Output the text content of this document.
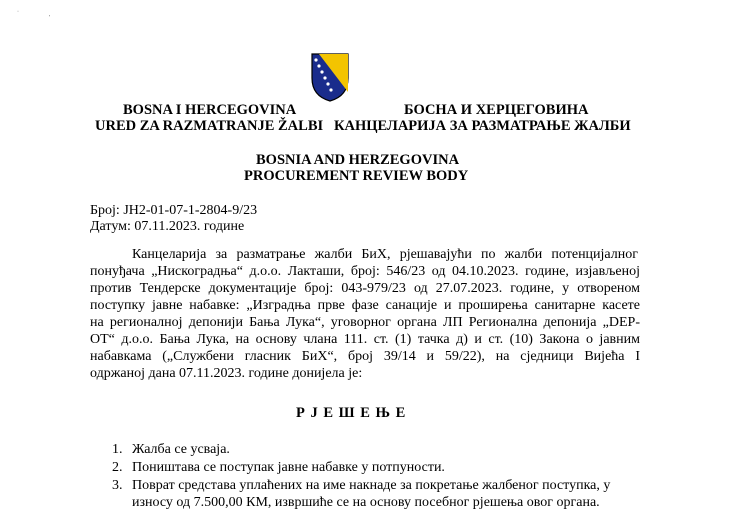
·
'
BOSNA I HERCEGOVINA
URED ZA RAZMATRANJE ŽALBI
БОСНА И ХЕРЦЕГОВИНА
КАНЦЕЛАРИЈА ЗА РАЗМАТРАЊЕ ЖАЛБИ
BOSNIA AND HERZEGOVINA
PROCUREMENT REVIEW BODY
Број: ЈН2-01-07-1-2804-9/23
Датум: 07.11.2023. године
Канцеларија за разматрање жалби БиХ, рјешавајући по жалби потенцијалног
понуђача „Нискоградња“ д.о.о. Лакташи, број: 546/23 од 04.10.2023. године, изјављеној
против Тендерске документације број: 043-979/23 од 27.07.2023. године, у отвореном
поступку јавне набавке: „Изградња прве фазе санације и проширења санитарне касете
на регионалној депонији Бања Лука“, уговорног органа ЛП Регионална депонија „DEP-
ОТ“ д.о.о. Бања Лука, на основу члана 111. ст. (1) тачка д) и ст. (10) Закона о јавним
набавкама („Службени гласник БиХ“, број 39/14 и 59/22), на сједници Вијећа I
одржаној дана 07.11.2023. године донијела је:
Р Ј Е Ш Е Њ Е
1. Жалба се усваја.
2. Поништава се поступак јавне набавке у потпуности.
3. Поврат средстава уплаћених на име накнаде за покретање жалбеног поступка, у
износу од 7.500,00 КМ, извршиће се на основу посебног рјешења овог органа.
